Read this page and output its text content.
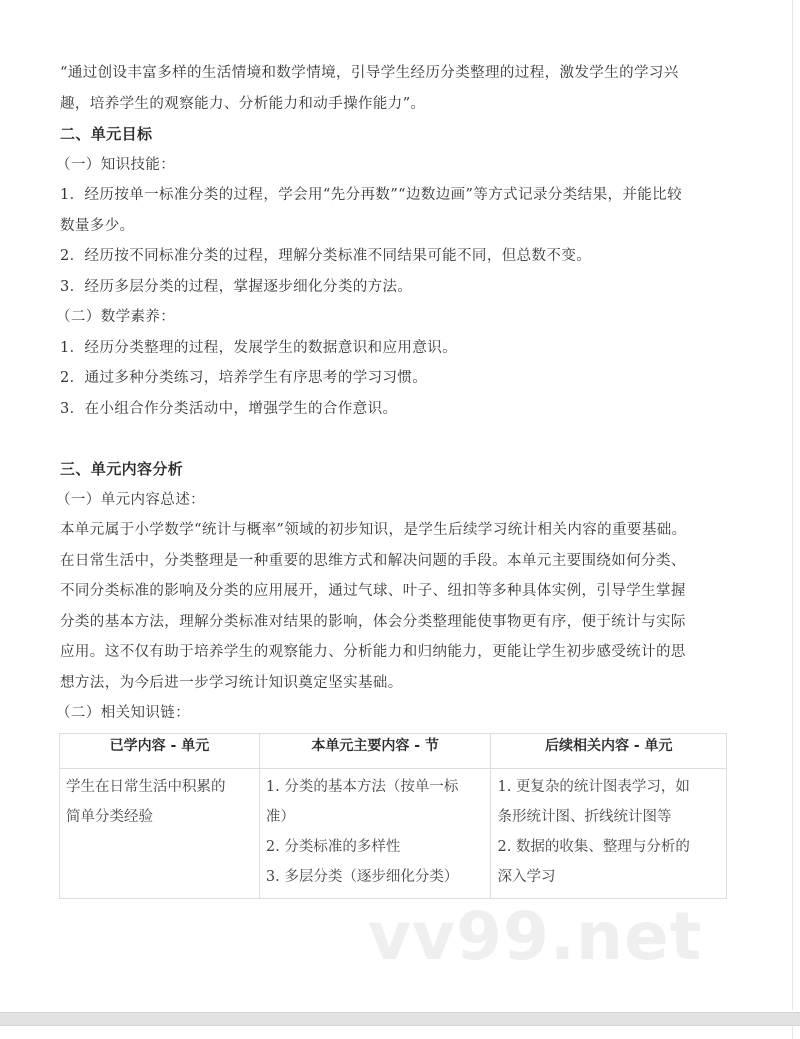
“通过创设丰富多样的生活情境和数学情境，引导学生经历分类整理的过程，激发学生的学习兴

趣，培养学生的观察能力、分析能力和动手操作能力”。

二、单元目标

（一）知识技能：

1．经历按单一标准分类的过程，学会用“先分再数”“边数边画”等方式记录分类结果，并能比较

数量多少。

2．经历按不同标准分类的过程，理解分类标准不同结果可能不同，但总数不变。

3．经历多层分类的过程，掌握逐步细化分类的方法。

（二）数学素养：

1．经历分类整理的过程，发展学生的数据意识和应用意识。

2．通过多种分类练习，培养学生有序思考的学习习惯。

3．在小组合作分类活动中，增强学生的合作意识。

三、单元内容分析

（一）单元内容总述：

本单元属于小学数学“统计与概率”领域的初步知识，是学生后续学习统计相关内容的重要基础。

在日常生活中，分类整理是一种重要的思维方式和解决问题的手段。本单元主要围绕如何分类、

不同分类标准的影响及分类的应用展开，通过气球、叶子、纽扣等多种具体实例，引导学生掌握

分类的基本方法，理解分类标准对结果的影响，体会分类整理能使事物更有序，便于统计与实际

应用。这不仅有助于培养学生的观察能力、分析能力和归纳能力，更能让学生初步感受统计的思

想方法，为今后进一步学习统计知识奠定坚实基础。

（二）相关知识链：

已学内容 - 单元	本单元主要内容 - 节	后续相关内容 - 单元

学生在日常生活中积累的
简单分类经验	1. 分类的基本方法（按单一标
准）
2. 分类标准的多样性
3. 多层分类（逐步细化分类）	1. 更复杂的统计图表学习，如
条形统计图、折线统计图等
2. 数据的收集、整理与分析的
深入学习
vv99.net
